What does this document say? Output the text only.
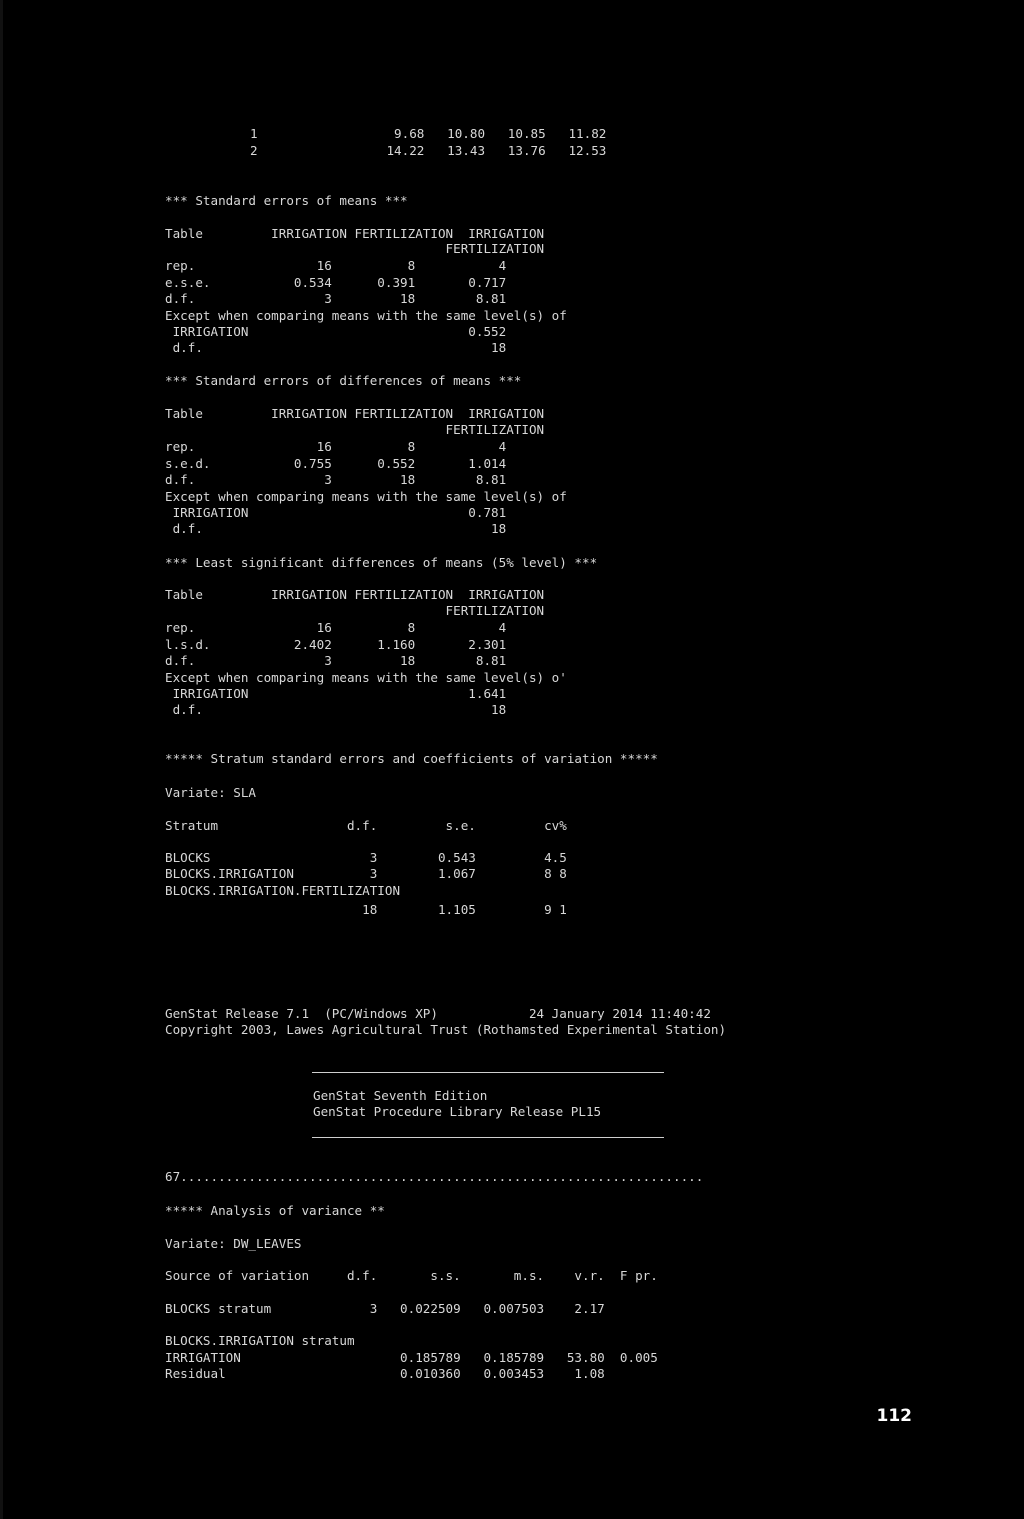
1                  9.68   10.80   10.85   11.82
2                 14.22   13.43   13.76   12.53
*** Standard errors of means ***
Table         IRRIGATION FERTILIZATION  IRRIGATION
FERTILIZATION
rep.                16          8           4
e.s.e.           0.534      0.391       0.717
d.f.                 3         18        8.81
Except when comparing means with the same level(s) of
IRRIGATION                             0.552
d.f.                                      18
*** Standard errors of differences of means ***
Table         IRRIGATION FERTILIZATION  IRRIGATION
FERTILIZATION
rep.                16          8           4
s.e.d.           0.755      0.552       1.014
d.f.                 3         18        8.81
Except when comparing means with the same level(s) of
IRRIGATION                             0.781
d.f.                                      18
*** Least significant differences of means (5% level) ***
Table         IRRIGATION FERTILIZATION  IRRIGATION
FERTILIZATION
rep.                16          8           4
l.s.d.           2.402      1.160       2.301
d.f.                 3         18        8.81
Except when comparing means with the same level(s) o'
IRRIGATION                             1.641
d.f.                                      18
***** Stratum standard errors and coefficients of variation *****
Variate: SLA
Stratum                 d.f.         s.e.         cv%
BLOCKS                     3        0.543         4.5
BLOCKS.IRRIGATION          3        1.067         8 8
BLOCKS.IRRIGATION.FERTILIZATION
18        1.105         9 1
GenStat Release 7.1  (PC/Windows XP)            24 January 2014 11:40:42
Copyright 2003, Lawes Agricultural Trust (Rothamsted Experimental Station)
GenStat Seventh Edition
GenStat Procedure Library Release PL15
67.....................................................................
***** Analysis of variance **
Variate: DW_LEAVES
Source of variation     d.f.       s.s.       m.s.    v.r.  F pr.
BLOCKS stratum             3   0.022509   0.007503    2.17
BLOCKS.IRRIGATION stratum
IRRIGATION                     0.185789   0.185789   53.80  0.005
Residual                       0.010360   0.003453    1.08
112
